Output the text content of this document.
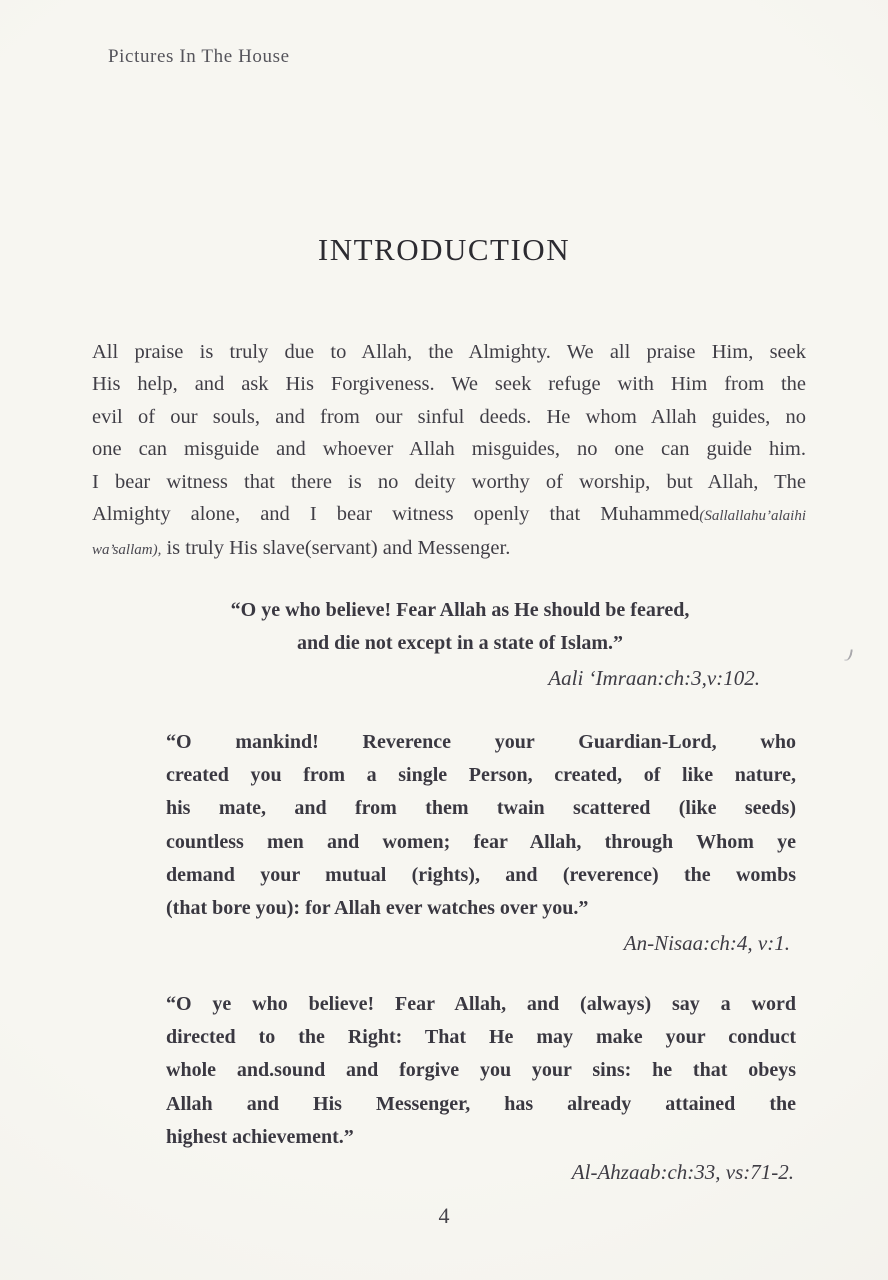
Pictures In The House
INTRODUCTION
All praise is truly due to Allah, the Almighty. We all praise Him, seek
His help, and ask His Forgiveness. We seek refuge with Him from the
evil of our souls, and from our sinful deeds. He whom Allah guides, no
one can misguide and whoever Allah misguides, no one can guide him.
I bear witness that there is no deity worthy of worship, but Allah, The
Almighty alone, and I bear witness openly that Muhammed(Sallallahu’alaihi
wa’sallam), is truly His slave(servant) and Messenger.
“O ye who believe! Fear Allah as He should be feared,
and die not except in a state of Islam.”
Aali ‘Imraan:ch:3,v:102.
“O mankind! Reverence your Guardian-Lord, who
created you from a single Person, created, of like nature,
his mate, and from them twain scattered (like seeds)
countless men and women; fear Allah, through Whom ye
demand your mutual (rights), and (reverence) the wombs
(that bore you): for Allah ever watches over you.”
An-Nisaa:ch:4, v:1.
“O ye who believe! Fear Allah, and (always) say a word
directed to the Right: That He may make your conduct
whole and.sound and forgive you your sins: he that obeys
Allah and His Messenger, has already attained the
highest achievement.”
Al-Ahzaab:ch:33, vs:71-2.
4
